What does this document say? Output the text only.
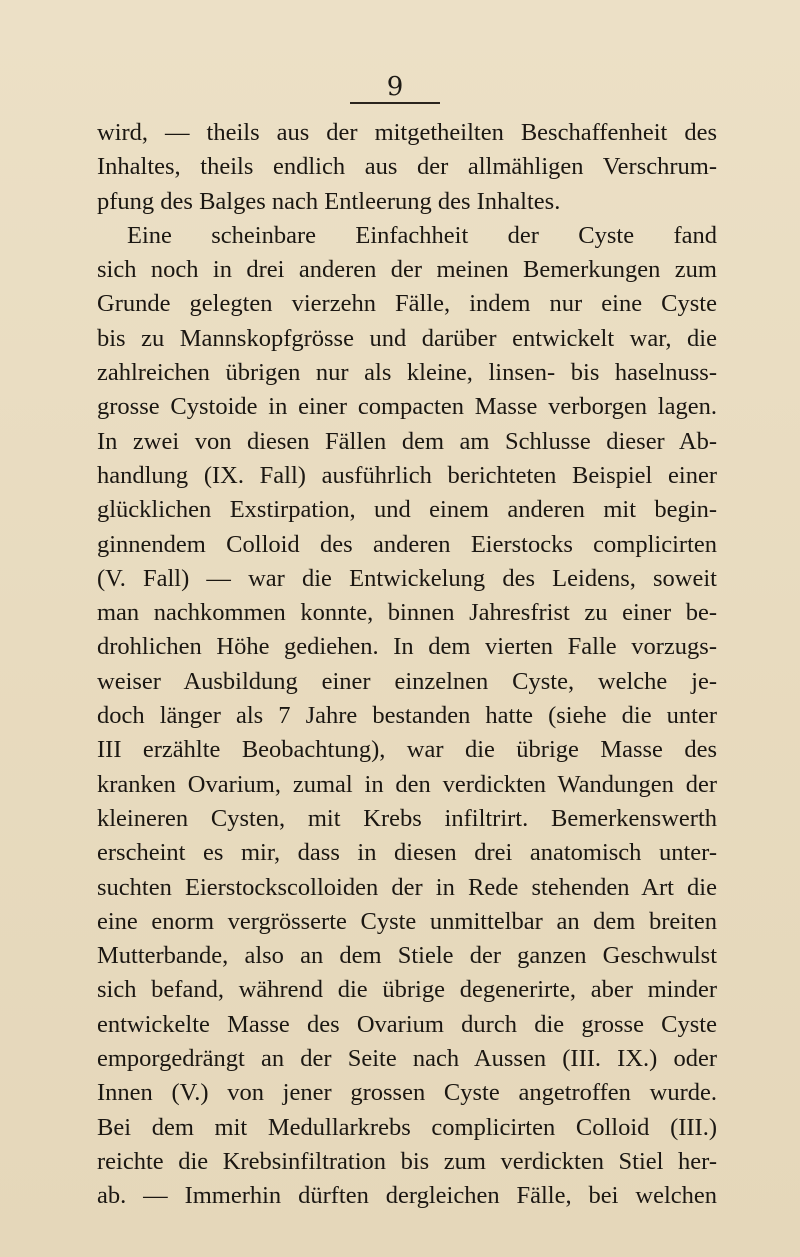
9
wird, — theils aus der mitgetheilten Beschaffenheit des
Inhaltes, theils endlich aus der allmähligen Verschrum-
pfung des Balges nach Entleerung des Inhaltes.
Eine scheinbare Einfachheit der Cyste fand
sich noch in drei anderen der meinen Bemerkungen zum
Grunde gelegten vierzehn Fälle, indem nur eine Cyste
bis zu Mannskopfgrösse und darüber entwickelt war, die
zahlreichen übrigen nur als kleine, linsen- bis haselnuss-
grosse Cystoide in einer compacten Masse verborgen lagen.
In zwei von diesen Fällen dem am Schlusse dieser Ab-
handlung (IX. Fall) ausführlich berichteten Beispiel einer
glücklichen Exstirpation, und einem anderen mit begin-
ginnendem Colloid des anderen Eierstocks complicirten
(V. Fall) — war die Entwickelung des Leidens, soweit
man nachkommen konnte, binnen Jahresfrist zu einer be-
drohlichen Höhe gediehen. In dem vierten Falle vorzugs-
weiser Ausbildung einer einzelnen Cyste, welche je-
doch länger als 7 Jahre bestanden hatte (siehe die unter
III erzählte Beobachtung), war die übrige Masse des
kranken Ovarium, zumal in den verdickten Wandungen der
kleineren Cysten, mit Krebs infiltrirt. Bemerkenswerth
erscheint es mir, dass in diesen drei anatomisch unter-
suchten Eierstockscolloiden der in Rede stehenden Art die
eine enorm vergrösserte Cyste unmittelbar an dem breiten
Mutterbande, also an dem Stiele der ganzen Geschwulst
sich befand, während die übrige degenerirte, aber minder
entwickelte Masse des Ovarium durch die grosse Cyste
emporgedrängt an der Seite nach Aussen (III. IX.) oder
Innen (V.) von jener grossen Cyste angetroffen wurde.
Bei dem mit Medullarkrebs complicirten Colloid (III.)
reichte die Krebsinfiltration bis zum verdickten Stiel her-
ab. — Immerhin dürften dergleichen Fälle, bei welchen
